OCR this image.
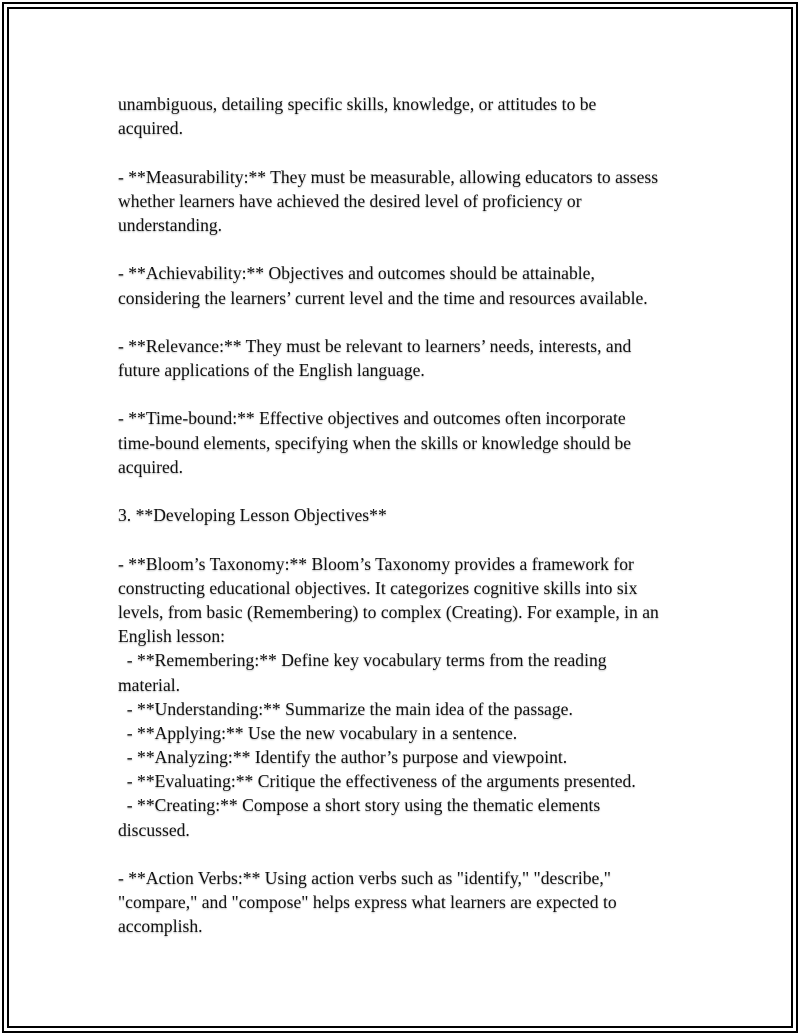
unambiguous, detailing specific skills, knowledge, or attitudes to be
acquired.
- **Measurability:** They must be measurable, allowing educators to assess
whether learners have achieved the desired level of proficiency or
understanding.
- **Achievability:** Objectives and outcomes should be attainable,
considering the learners’ current level and the time and resources available.
- **Relevance:** They must be relevant to learners’ needs, interests, and
future applications of the English language.
- **Time-bound:** Effective objectives and outcomes often incorporate
time-bound elements, specifying when the skills or knowledge should be
acquired.
3. **Developing Lesson Objectives**
- **Bloom’s Taxonomy:** Bloom’s Taxonomy provides a framework for
constructing educational objectives. It categorizes cognitive skills into six
levels, from basic (Remembering) to complex (Creating). For example, in an
English lesson:
- **Remembering:** Define key vocabulary terms from the reading
material.
- **Understanding:** Summarize the main idea of the passage.
- **Applying:** Use the new vocabulary in a sentence.
- **Analyzing:** Identify the author’s purpose and viewpoint.
- **Evaluating:** Critique the effectiveness of the arguments presented.
- **Creating:** Compose a short story using the thematic elements
discussed.
- **Action Verbs:** Using action verbs such as "identify," "describe,"
"compare," and "compose" helps express what learners are expected to
accomplish.
